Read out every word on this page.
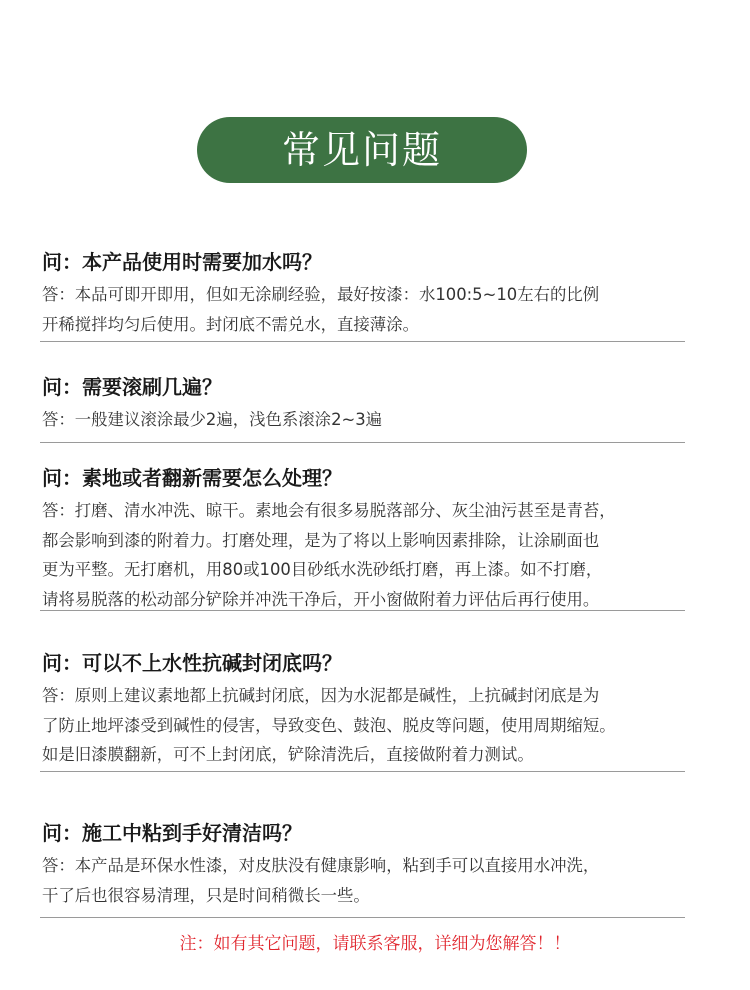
常见问题
问：本产品使用时需要加水吗？
答：本品可即开即用，但如无涂刷经验，最好按漆：水100:5~10左右的比例
开稀搅拌均匀后使用。封闭底不需兑水，直接薄涂。
问：需要滚刷几遍？
答：一般建议滚涂最少2遍，浅色系滚涂2~3遍
问：素地或者翻新需要怎么处理？
答：打磨、清水冲洗、晾干。素地会有很多易脱落部分、灰尘油污甚至是青苔，
都会影响到漆的附着力。打磨处理，是为了将以上影响因素排除，让涂刷面也
更为平整。无打磨机，用80或100目砂纸水洗砂纸打磨，再上漆。如不打磨，
请将易脱落的松动部分铲除并冲洗干净后，开小窗做附着力评估后再行使用。
问：可以不上水性抗碱封闭底吗？
答：原则上建议素地都上抗碱封闭底，因为水泥都是碱性，上抗碱封闭底是为
了防止地坪漆受到碱性的侵害，导致变色、鼓泡、脱皮等问题，使用周期缩短。
如是旧漆膜翻新，可不上封闭底，铲除清洗后，直接做附着力测试。
问：施工中粘到手好清洁吗？
答：本产品是环保水性漆，对皮肤没有健康影响，粘到手可以直接用水冲洗，
干了后也很容易清理，只是时间稍微长一些。
注：如有其它问题，请联系客服，详细为您解答！！
